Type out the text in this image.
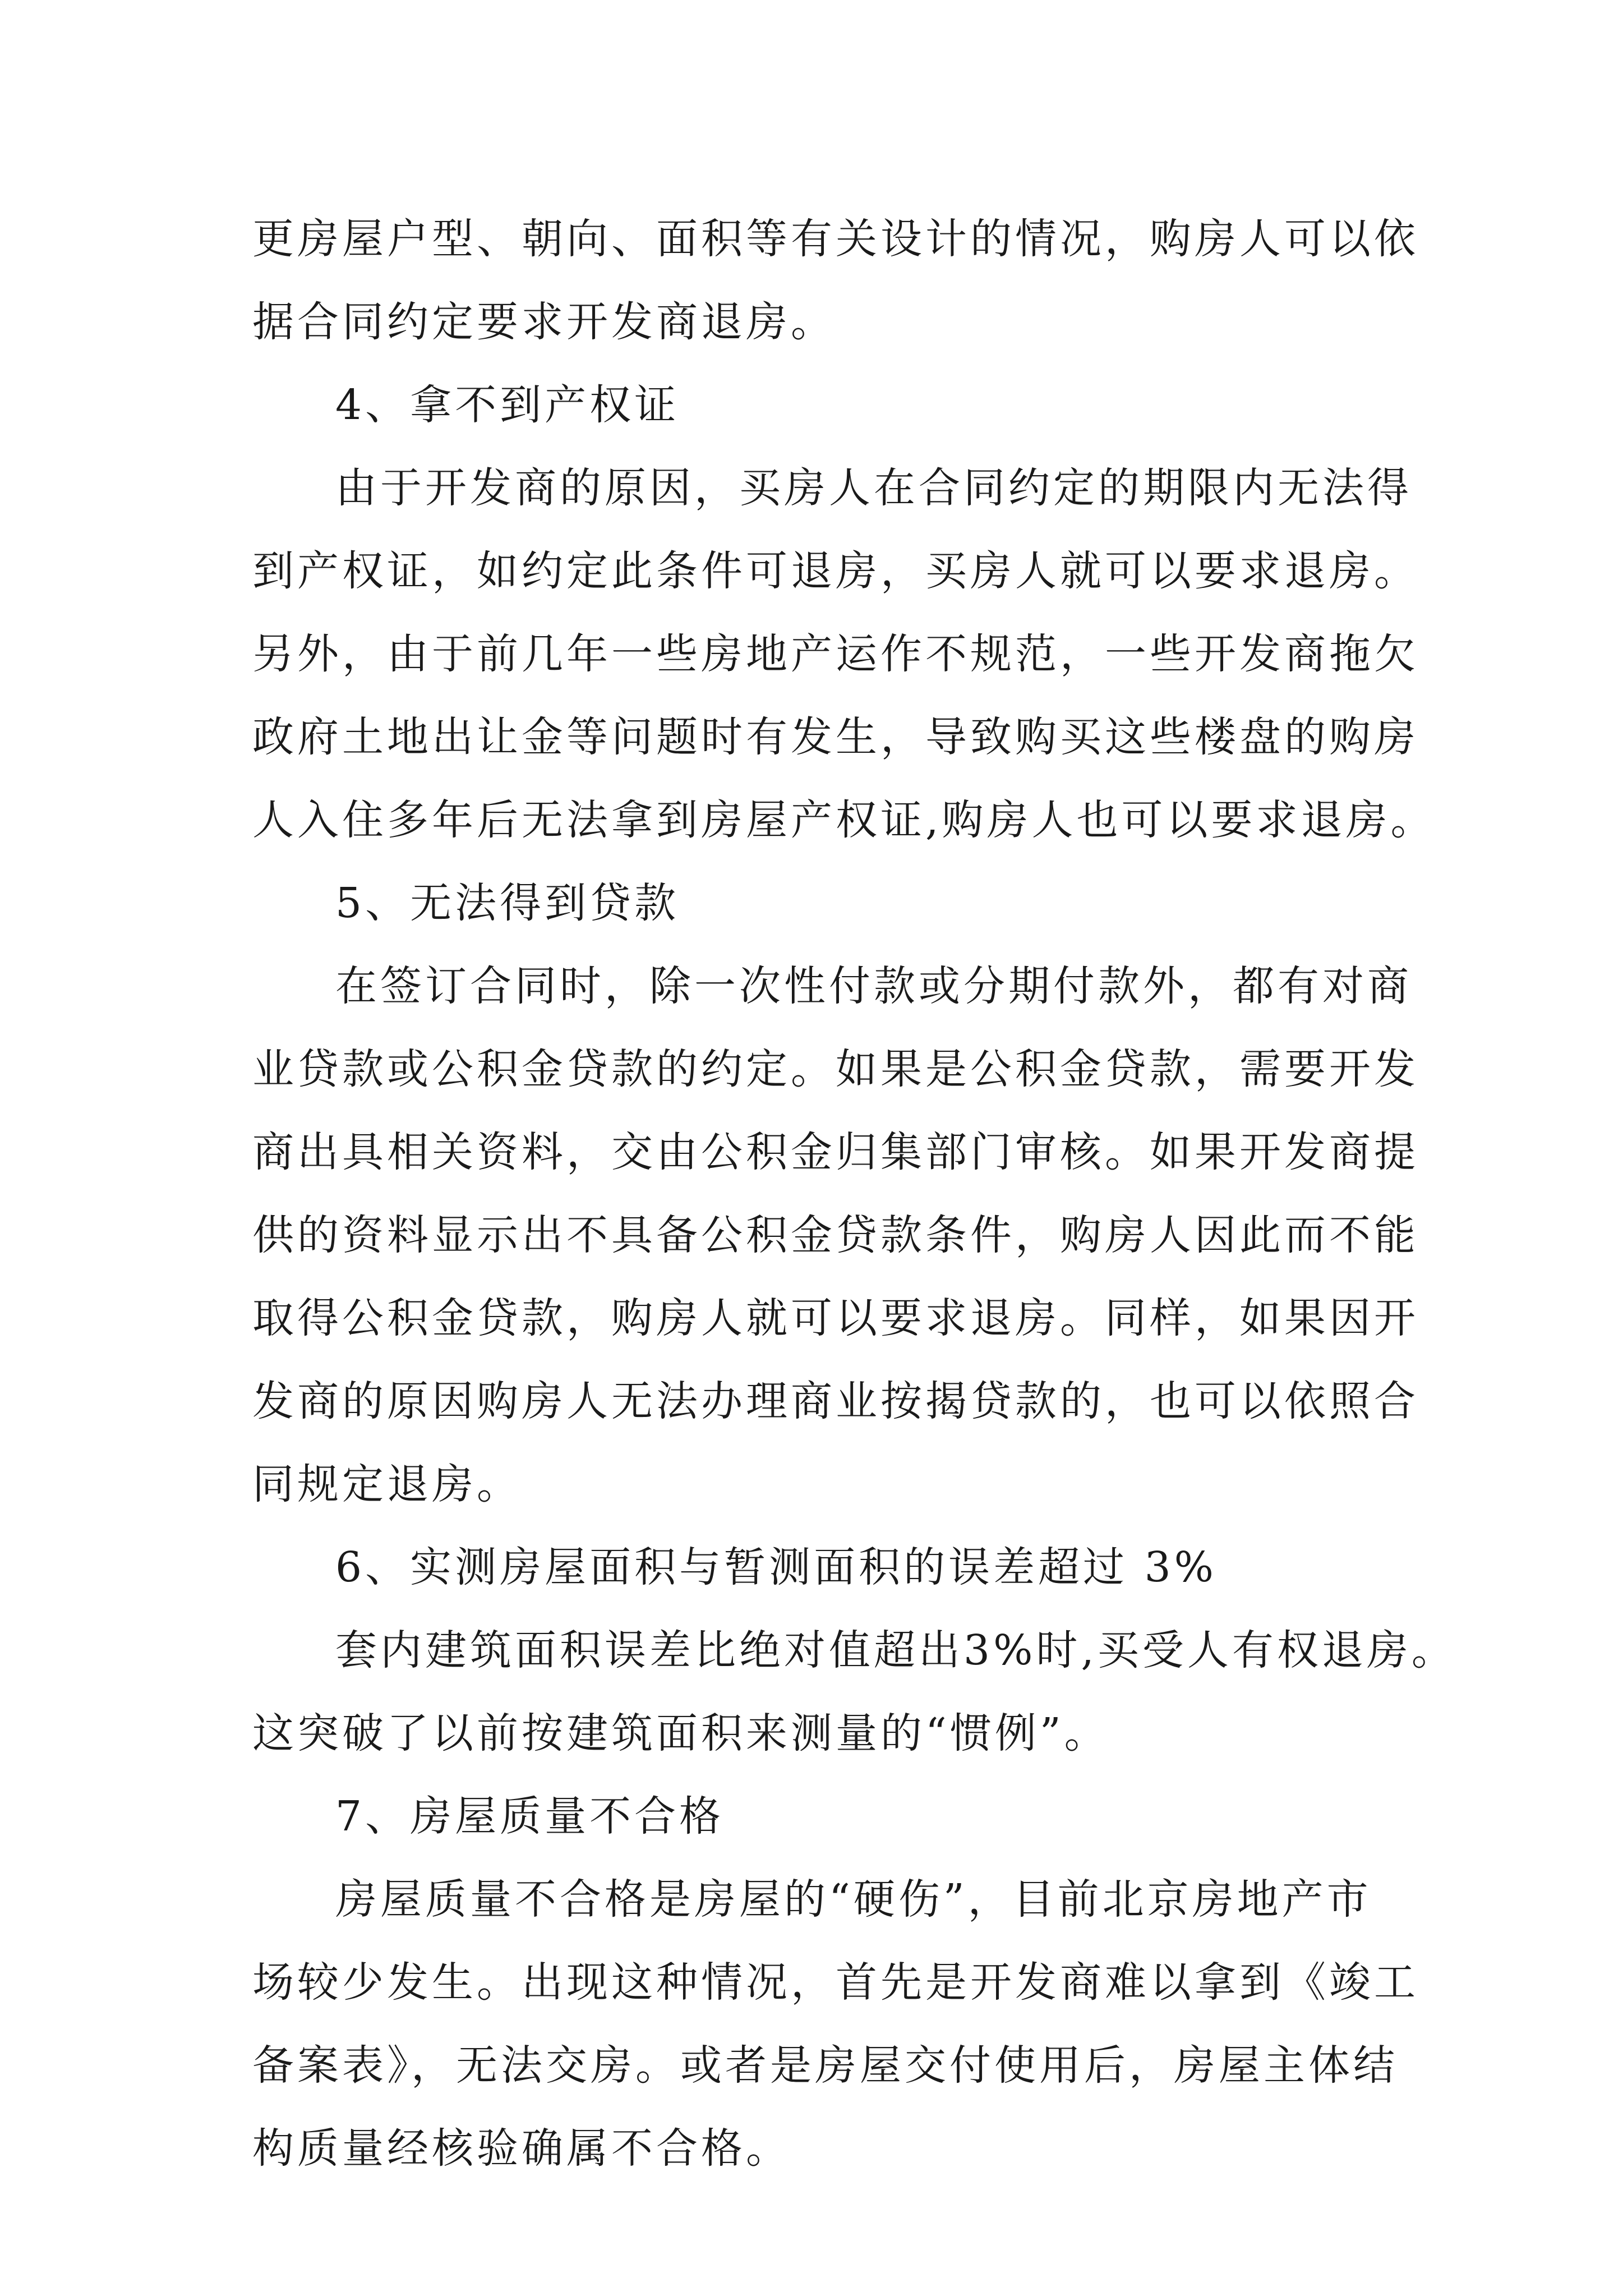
更房屋户型、朝向、面积等有关设计的情况，购房人可以依
据合同约定要求开发商退房。
4、拿不到产权证
由于开发商的原因，买房人在合同约定的期限内无法得
到产权证，如约定此条件可退房，买房人就可以要求退房。
另外，由于前几年一些房地产运作不规范，一些开发商拖欠
政府土地出让金等问题时有发生，导致购买这些楼盘的购房
人入住多年后无法拿到房屋产权证,购房人也可以要求退房。
5、无法得到贷款
在签订合同时，除一次性付款或分期付款外，都有对商
业贷款或公积金贷款的约定。如果是公积金贷款，需要开发
商出具相关资料，交由公积金归集部门审核。如果开发商提
供的资料显示出不具备公积金贷款条件，购房人因此而不能
取得公积金贷款，购房人就可以要求退房。同样，如果因开
发商的原因购房人无法办理商业按揭贷款的，也可以依照合
同规定退房。
6、实测房屋面积与暂测面积的误差超过 3%
套内建筑面积误差比绝对值超出3%时,买受人有权退房。
这突破了以前按建筑面积来测量的“惯例”。
7、房屋质量不合格
房屋质量不合格是房屋的“硬伤”，目前北京房地产市
场较少发生。出现这种情况，首先是开发商难以拿到《竣工
备案表》，无法交房。或者是房屋交付使用后，房屋主体结
构质量经核验确属不合格。
